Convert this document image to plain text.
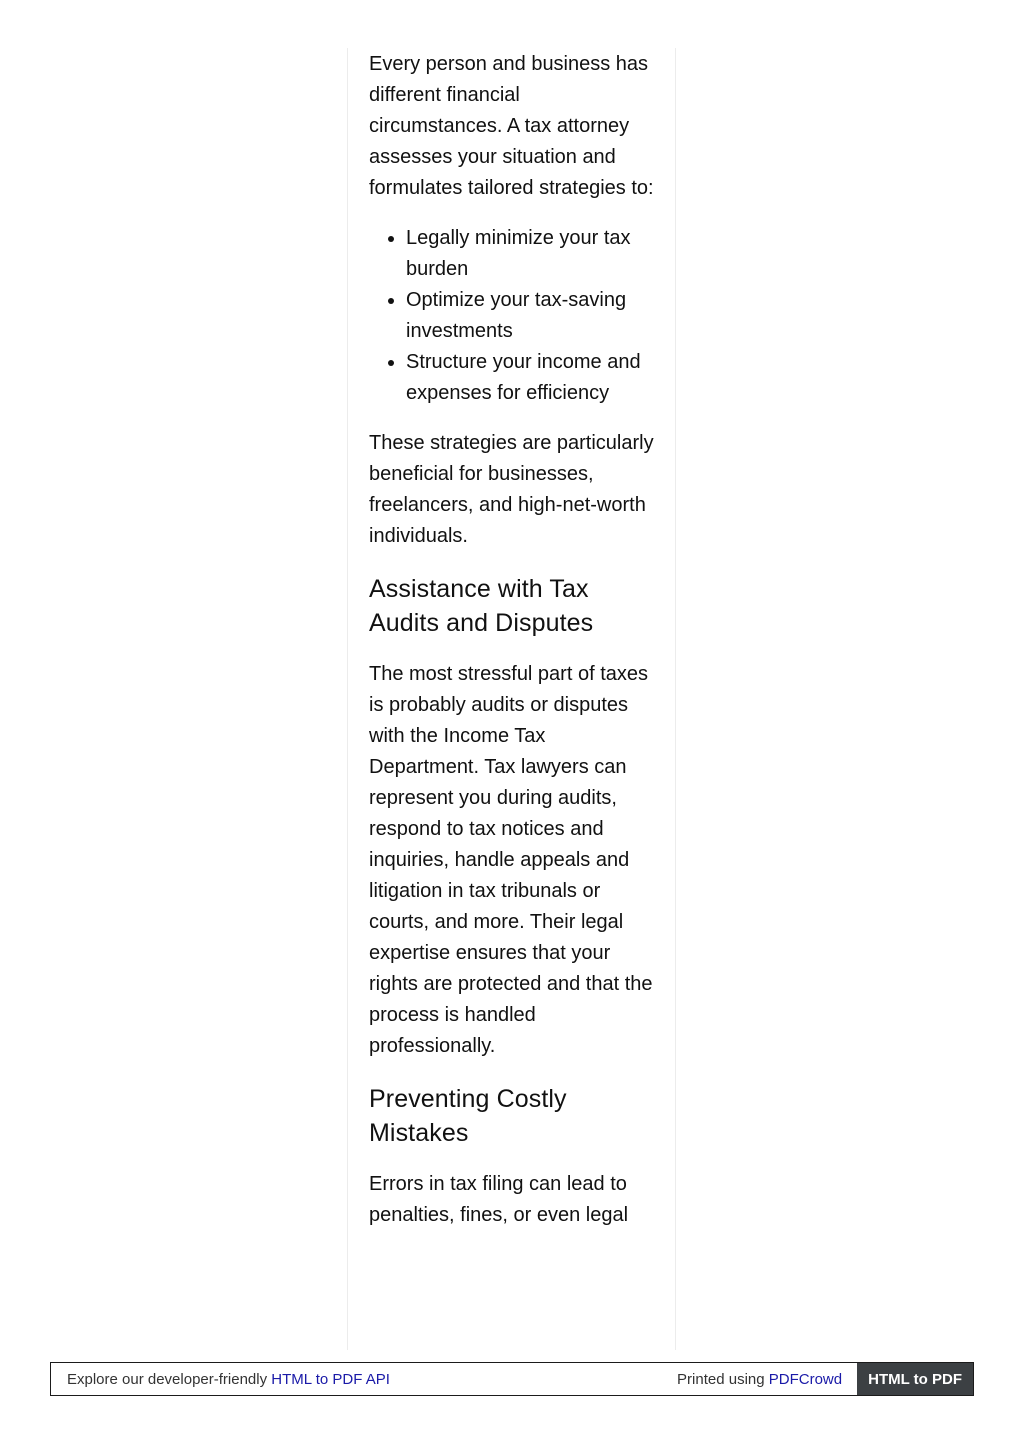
Every person and business has different financial circumstances. A tax attorney assesses your situation and formulates tailored strategies to:

• Legally minimize your tax burden
• Optimize your tax-saving investments
• Structure your income and expenses for efficiency

These strategies are particularly beneficial for businesses, freelancers, and high-net-worth individuals.

Assistance with Tax Audits and Disputes

The most stressful part of taxes is probably audits or disputes with the Income Tax Department. Tax lawyers can represent you during audits, respond to tax notices and inquiries, handle appeals and litigation in tax tribunals or courts, and more. Their legal expertise ensures that your rights are protected and that the process is handled professionally.

Preventing Costly Mistakes

Errors in tax filing can lead to penalties, fines, or even legal

Explore our developer-friendly HTML to PDF API	Printed using PDFCrowd	HTML to PDF
